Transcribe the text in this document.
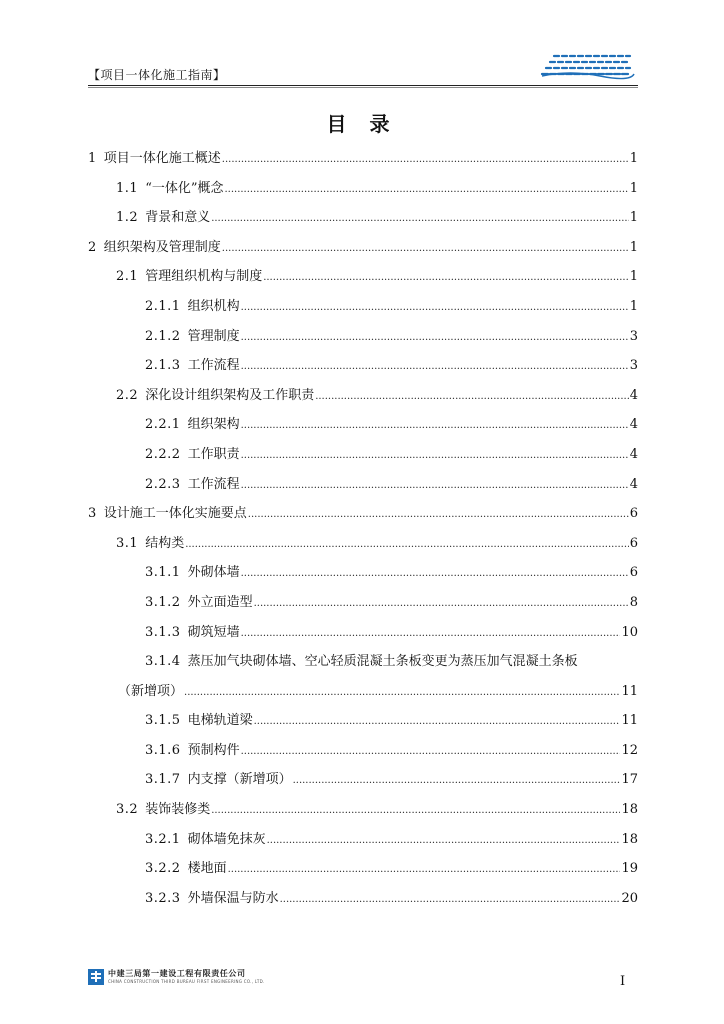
【项目一体化施工指南】
目 录
1 项目一体化施工概述 .....	1
1.1 “一体化”概念 .....	1
1.2 背景和意义 .....	1
2 组织架构及管理制度 .....	1
2.1 管理组织机构与制度 .....	1
2.1.1 组织机构 .....	1
2.1.2 管理制度 .....	3
2.1.3 工作流程 .....	3
2.2 深化设计组织架构及工作职责 .....	4
2.2.1 组织架构 .....	4
2.2.2 工作职责 .....	4
2.2.3 工作流程 .....	4
3 设计施工一体化实施要点 .....	6
3.1 结构类 .....	6
3.1.1 外砌体墙 .....	6
3.1.2 外立面造型 .....	8
3.1.3 砌筑短墙 .....	10
3.1.4 蒸压加气块砌体墙、空心轻质混凝土条板变更为蒸压加气混凝土条板
（新增项） .....	11
3.1.5 电梯轨道梁 .....	11
3.1.6 预制构件 .....	12
3.1.7 内支撑（新增项） .....	17
3.2 装饰装修类 .....	18
3.2.1 砌体墙免抹灰 .....	18
3.2.2 楼地面 .....	19
3.2.3 外墙保温与防水 .....	20
中建三局第一建设工程有限责任公司
CHINA CONSTRUCTION THIRD BUREAU FIRST ENGINEERING CO., LTD.	I
